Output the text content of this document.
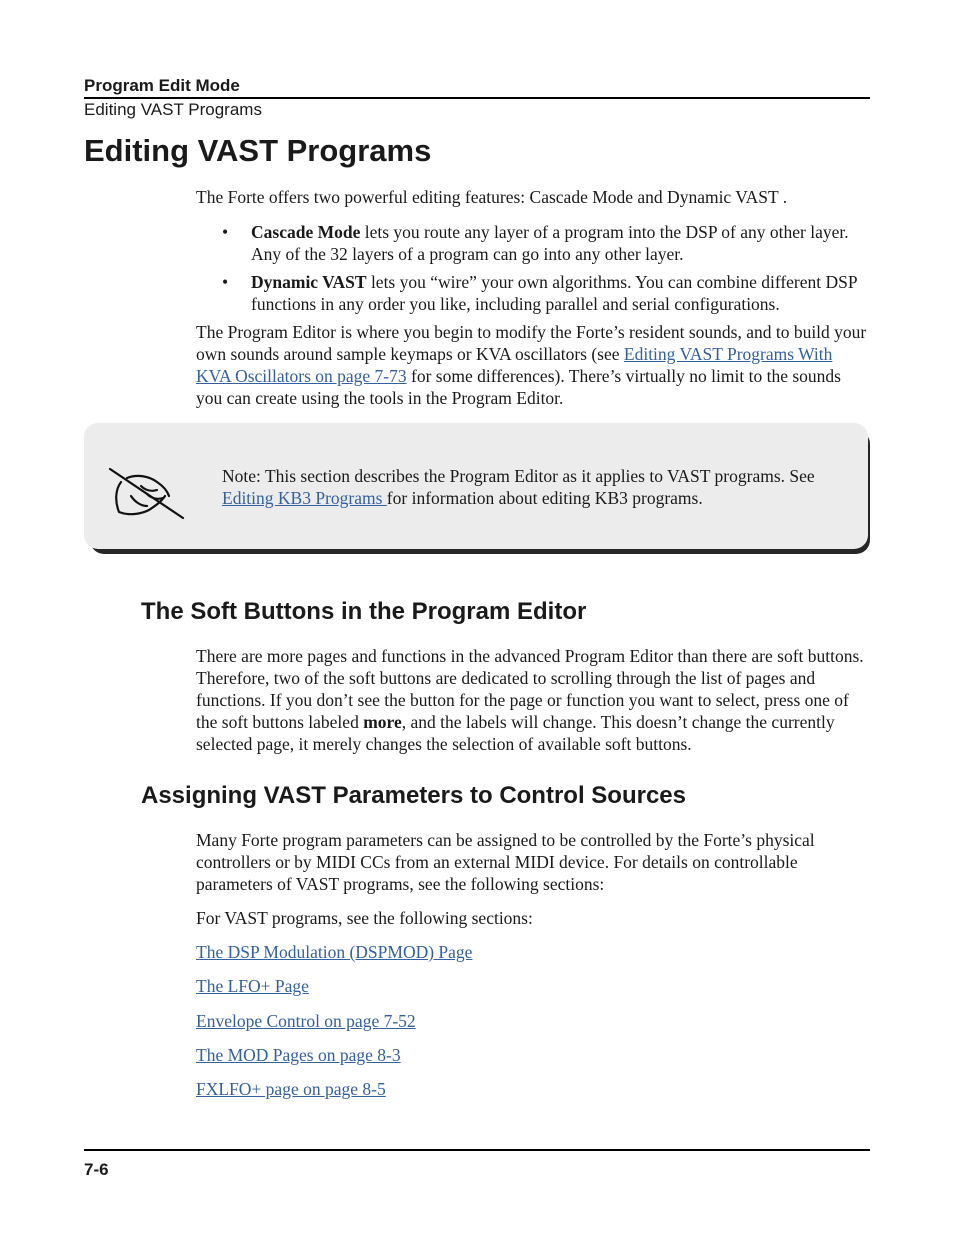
Program Edit Mode
Editing VAST Programs
Editing VAST Programs

The Forte offers two powerful editing features: Cascade Mode and Dynamic VAST .

• Cascade Mode lets you route any layer of a program into the DSP of any other layer. Any of the 32 layers of a program can go into any other layer.
• Dynamic VAST lets you “wire” your own algorithms. You can combine different DSP functions in any order you like, including parallel and serial configurations.

The Program Editor is where you begin to modify the Forte’s resident sounds, and to build your own sounds around sample keymaps or KVA oscillators (see Editing VAST Programs With KVA Oscillators on page 7-73 for some differences). There’s virtually no limit to the sounds you can create using the tools in the Program Editor.

Note: This section describes the Program Editor as it applies to VAST programs. See Editing KB3 Programs for information about editing KB3 programs.

The Soft Buttons in the Program Editor

There are more pages and functions in the advanced Program Editor than there are soft buttons. Therefore, two of the soft buttons are dedicated to scrolling through the list of pages and functions. If you don’t see the button for the page or function you want to select, press one of the soft buttons labeled more, and the labels will change. This doesn’t change the currently selected page, it merely changes the selection of available soft buttons.

Assigning VAST Parameters to Control Sources

Many Forte program parameters can be assigned to be controlled by the Forte’s physical controllers or by MIDI CCs from an external MIDI device. For details on controllable parameters of VAST programs, see the following sections:

For VAST programs, see the following sections:

The DSP Modulation (DSPMOD) Page

The LFO+ Page

Envelope Control on page 7-52

The MOD Pages on page 8-3

FXLFO+ page on page 8-5

7-6
